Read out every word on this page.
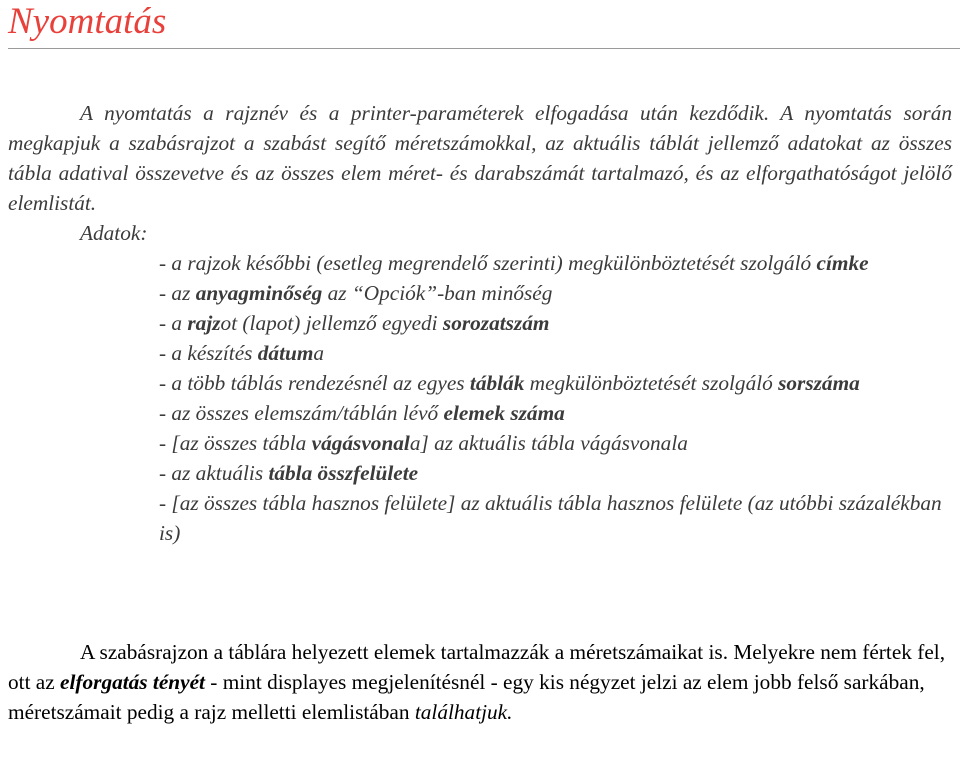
Nyomtatás

A nyomtatás a rajznév és a printer-paraméterek elfogadása után kezdődik. A nyomtatás során megkapjuk a szabásrajzot a szabást segítő méretszámokkal, az aktuális táblát jellemző adatokat az összes tábla adatival összevetve és az összes elem méret- és darabszámát tartalmazó, és az elforgathatóságot jelölő elemlistát.

Adatok:
- a rajzok későbbi (esetleg megrendelő szerinti) megkülönböztetését szolgáló címke
- az anyagminőség az “Opciók”-ban minőség
- a rajzot (lapot) jellemző egyedi sorozatszám
- a készítés dátuma
- a több táblás rendezésnél az egyes táblák megkülönböztetését szolgáló sorszáma
- az összes elemszám/táblán lévő elemek száma
- [az összes tábla vágásvonala] az aktuális tábla vágásvonala
- az aktuális tábla összfelülete
- [az összes tábla hasznos felülete] az aktuális tábla hasznos felülete (az utóbbi százalékban is)

A szabásrajzon a táblára helyezett elemek tartalmazzák a méretszámaikat is. Melyekre nem fértek fel, ott az elforgatás tényét - mint displayes megjelenítésnél - egy kis négyzet jelzi az elem jobb felső sarkában, méretszámait pedig a rajz melletti elemlistában találhatjuk.
